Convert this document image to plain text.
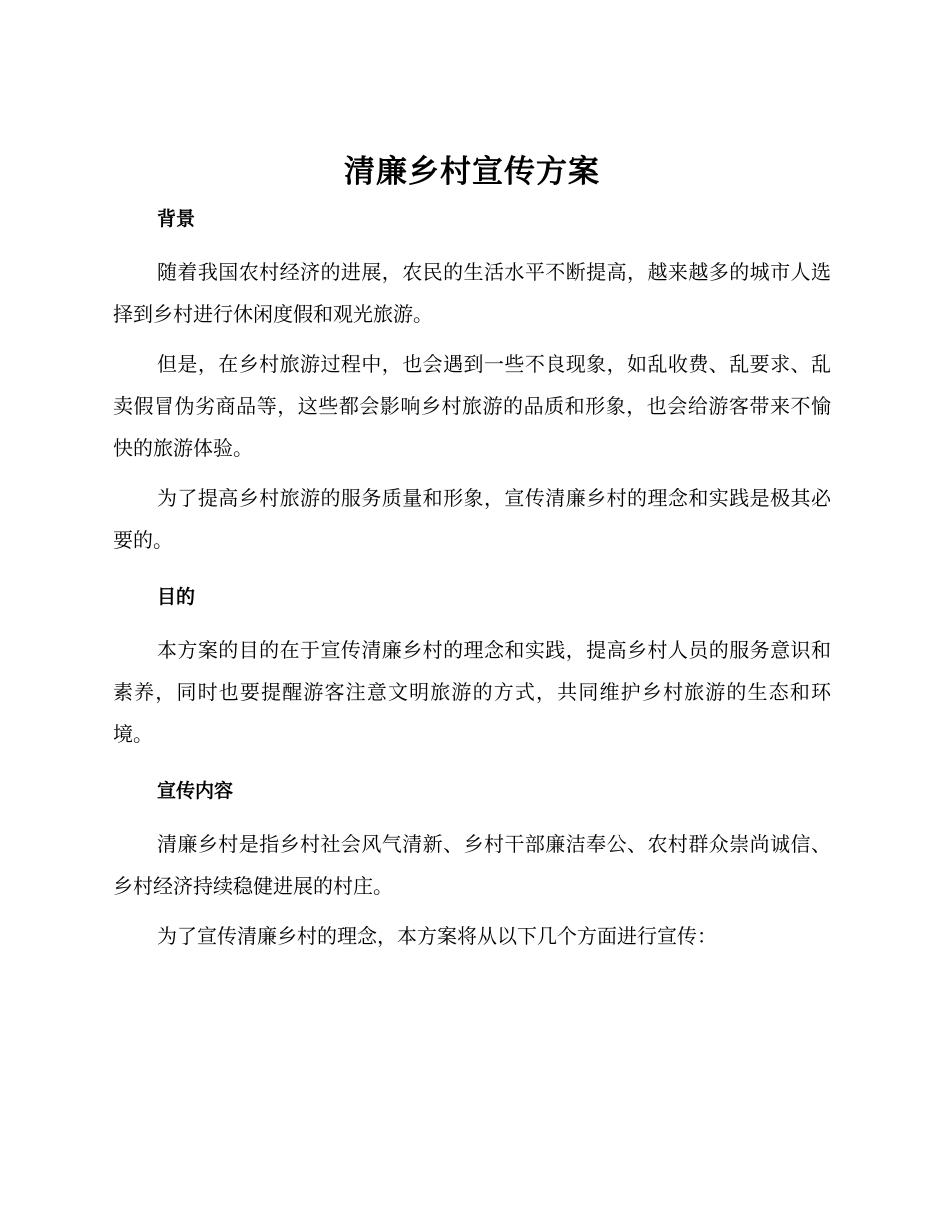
清廉乡村宣传方案
背景

随着我国农村经济的进展，农民的生活水平不断提高，越来越多的城市人选择到乡村进行休闲度假和观光旅游。

但是，在乡村旅游过程中，也会遇到一些不良现象，如乱收费、乱要求、乱卖假冒伪劣商品等，这些都会影响乡村旅游的品质和形象，也会给游客带来不愉快的旅游体验。

为了提高乡村旅游的服务质量和形象，宣传清廉乡村的理念和实践是极其必要的。

目的

本方案的目的在于宣传清廉乡村的理念和实践，提高乡村人员的服务意识和素养，同时也要提醒游客注意文明旅游的方式，共同维护乡村旅游的生态和环境。

宣传内容

清廉乡村是指乡村社会风气清新、乡村干部廉洁奉公、农村群众崇尚诚信、乡村经济持续稳健进展的村庄。

为了宣传清廉乡村的理念，本方案将从以下几个方面进行宣传：
